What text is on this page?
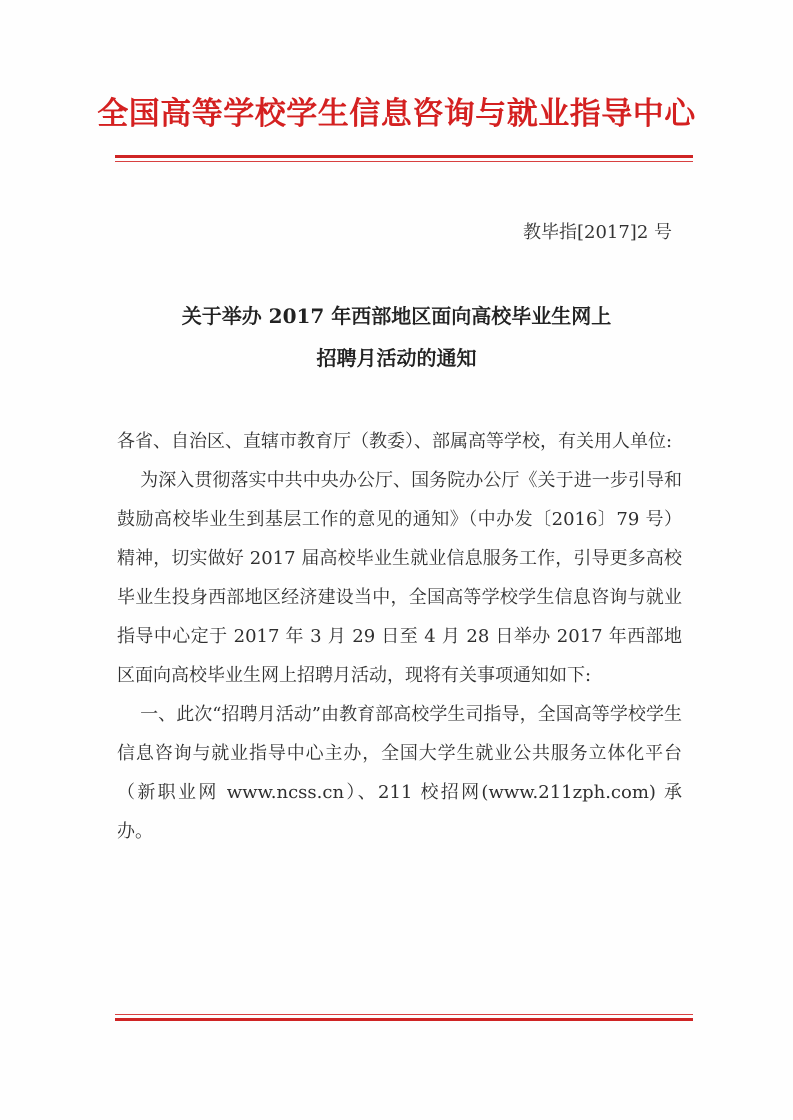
全国高等学校学生信息咨询与就业指导中心
教毕指[2017]2 号
关于举办 2017 年西部地区面向高校毕业生网上
招聘月活动的通知

各省、自治区、直辖市教育厅（教委）、部属高等学校，有关用人单位:

为深入贯彻落实中共中央办公厅、国务院办公厅《关于进一步引导和鼓励高校毕业生到基层工作的意见的通知》（中办发〔2016〕79 号）精神，切实做好 2017 届高校毕业生就业信息服务工作，引导更多高校毕业生投身西部地区经济建设当中，全国高等学校学生信息咨询与就业指导中心定于 2017 年 3 月 29 日至 4 月 28 日举办 2017 年西部地区面向高校毕业生网上招聘月活动，现将有关事项通知如下:

一、此次“招聘月活动”由教育部高校学生司指导，全国高等学校学生信息咨询与就业指导中心主办，全国大学生就业公共服务立体化平台（新职业网 www.ncss.cn）、211 校招网(www.211zph.com) 承办。
